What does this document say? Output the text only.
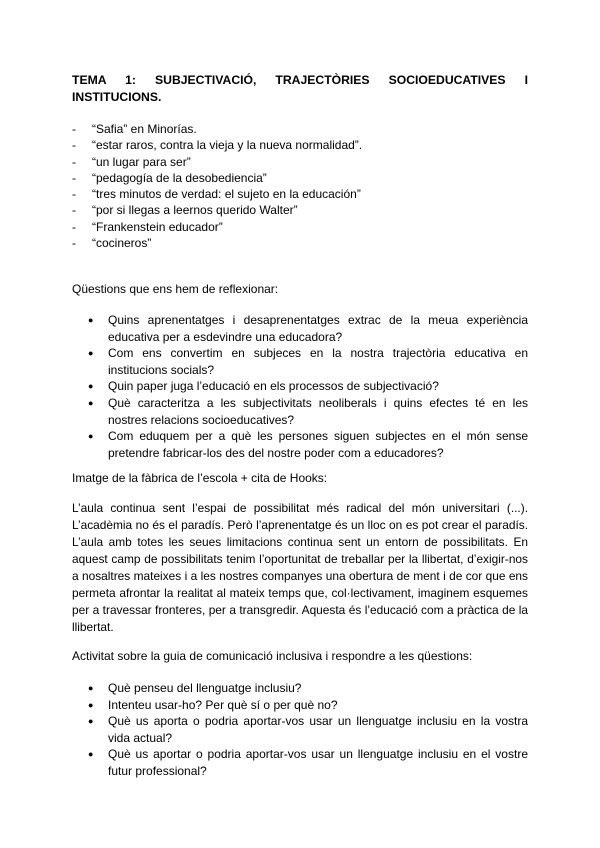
TEMA 1: SUBJECTIVACIÓ, TRAJECTÒRIES SOCIOEDUCATIVES I INSTITUCIONS.
- “Safia” en Minorías.
- “estar raros, contra la vieja y la nueva normalidad”.
- “un lugar para ser”
- “pedagogía de la desobediencia”
- “tres minutos de verdad: el sujeto en la educación”
- “por si llegas a leernos querido Walter”
- “Frankenstein educador”
- “cocineros”
Qüestions que ens hem de reflexionar:
● Quins aprenentatges i desaprenentatges extrac de la meua experiència educativa per a esdevindre una educadora?
● Com ens convertim en subjeces en la nostra trajectòria educativa en institucions socials?
● Quin paper juga l’educació en els processos de subjectivació?
● Què caracteritza a les subjectivitats neoliberals i quins efectes té en les nostres relacions socioeducatives?
● Com eduquem per a què les persones siguen subjectes en el món sense pretendre fabricar-los des del nostre poder com a educadores?
Imatge de la fàbrica de l’escola + cita de Hooks:
L’aula continua sent l’espai de possibilitat més radical del món universitari (...). L’acadèmia no és el paradís. Però l’aprenentatge és un lloc on es pot crear el paradís. L’aula amb totes les seues limitacions continua sent un entorn de possibilitats. En aquest camp de possibilitats tenim l’oportunitat de treballar per la llibertat, d’exigir-nos a nosaltres mateixes i a les nostres companyes una obertura de ment i de cor que ens permeta afrontar la realitat al mateix temps que, col·lectivament, imaginem esquemes per a travessar fronteres, per a transgredir. Aquesta és l’educació com a pràctica de la llibertat.
Activitat sobre la guia de comunicació inclusiva i respondre a les qüestions:
● Què penseu del llenguatge inclusiu?
● Intenteu usar-ho? Per què sí o per què no?
● Què us aporta o podria aportar-vos usar un llenguatge inclusiu en la vostra vida actual?
● Què us aportar o podria aportar-vos usar un llenguatge inclusiu en el vostre futur professional?
